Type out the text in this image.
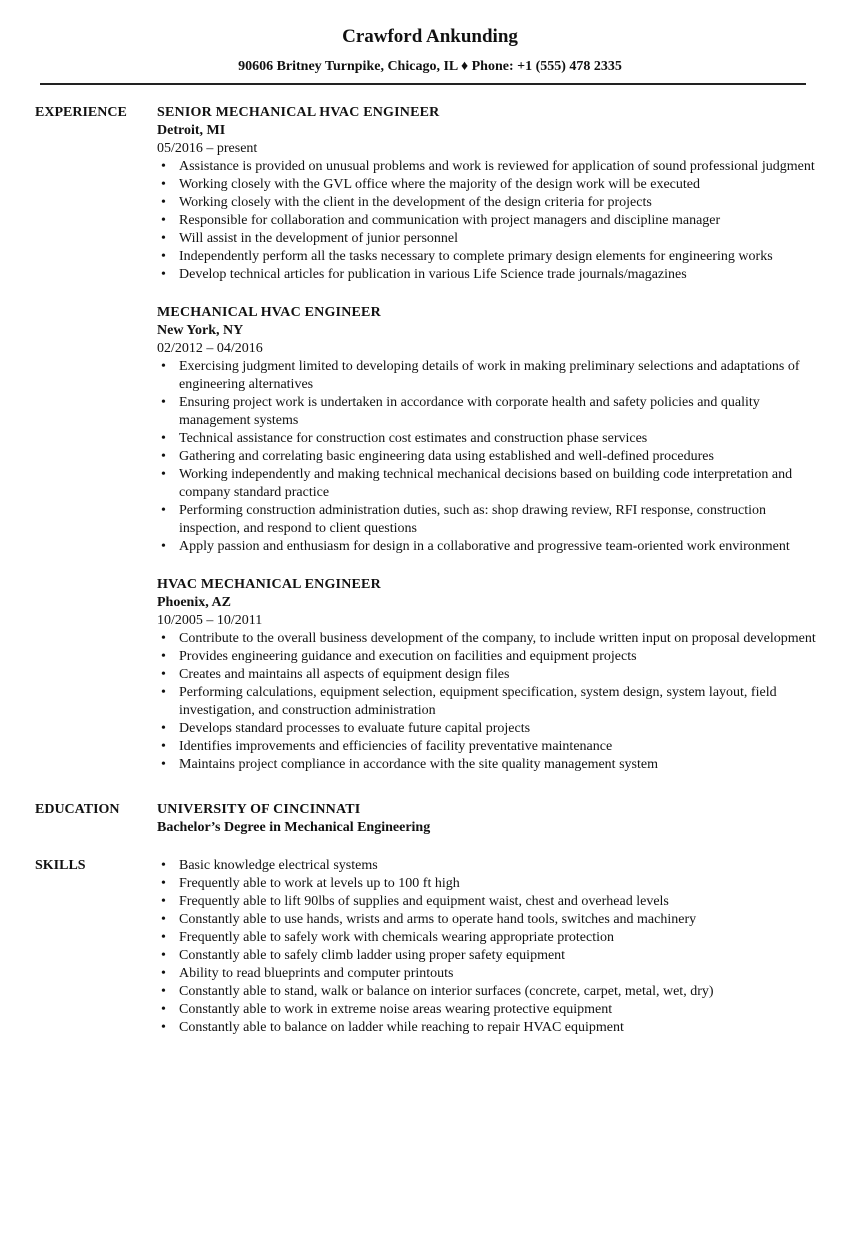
Crawford Ankunding
90606 Britney Turnpike, Chicago, IL ♦ Phone: +1 (555) 478 2335
EXPERIENCE	SENIOR MECHANICAL HVAC ENGINEER
Detroit, MI
05/2016 – present
• Assistance is provided on unusual problems and work is reviewed for application of sound professional judgment
• Working closely with the GVL office where the majority of the design work will be executed
• Working closely with the client in the development of the design criteria for projects
• Responsible for collaboration and communication with project managers and discipline manager
• Will assist in the development of junior personnel
• Independently perform all the tasks necessary to complete primary design elements for engineering works
• Develop technical articles for publication in various Life Science trade journals/magazines
MECHANICAL HVAC ENGINEER
New York, NY
02/2012 – 04/2016
• Exercising judgment limited to developing details of work in making preliminary selections and adaptations of engineering alternatives
• Ensuring project work is undertaken in accordance with corporate health and safety policies and quality management systems
• Technical assistance for construction cost estimates and construction phase services
• Gathering and correlating basic engineering data using established and well-defined procedures
• Working independently and making technical mechanical decisions based on building code interpretation and company standard practice
• Performing construction administration duties, such as: shop drawing review, RFI response, construction inspection, and respond to client questions
• Apply passion and enthusiasm for design in a collaborative and progressive team-oriented work environment
HVAC MECHANICAL ENGINEER
Phoenix, AZ
10/2005 – 10/2011
• Contribute to the overall business development of the company, to include written input on proposal development
• Provides engineering guidance and execution on facilities and equipment projects
• Creates and maintains all aspects of equipment design files
• Performing calculations, equipment selection, equipment specification, system design, system layout, field investigation, and construction administration
• Develops standard processes to evaluate future capital projects
• Identifies improvements and efficiencies of facility preventative maintenance
• Maintains project compliance in accordance with the site quality management system
EDUCATION	UNIVERSITY OF CINCINNATI
Bachelor’s Degree in Mechanical Engineering
SKILLS
•	Basic knowledge electrical systems
• Frequently able to work at levels up to 100 ft high
• Frequently able to lift 90lbs of supplies and equipment waist, chest and overhead levels
• Constantly able to use hands, wrists and arms to operate hand tools, switches and machinery
• Frequently able to safely work with chemicals wearing appropriate protection
• Constantly able to safely climb ladder using proper safety equipment
• Ability to read blueprints and computer printouts
• Constantly able to stand, walk or balance on interior surfaces (concrete, carpet, metal, wet, dry)
• Constantly able to work in extreme noise areas wearing protective equipment
• Constantly able to balance on ladder while reaching to repair HVAC equipment
